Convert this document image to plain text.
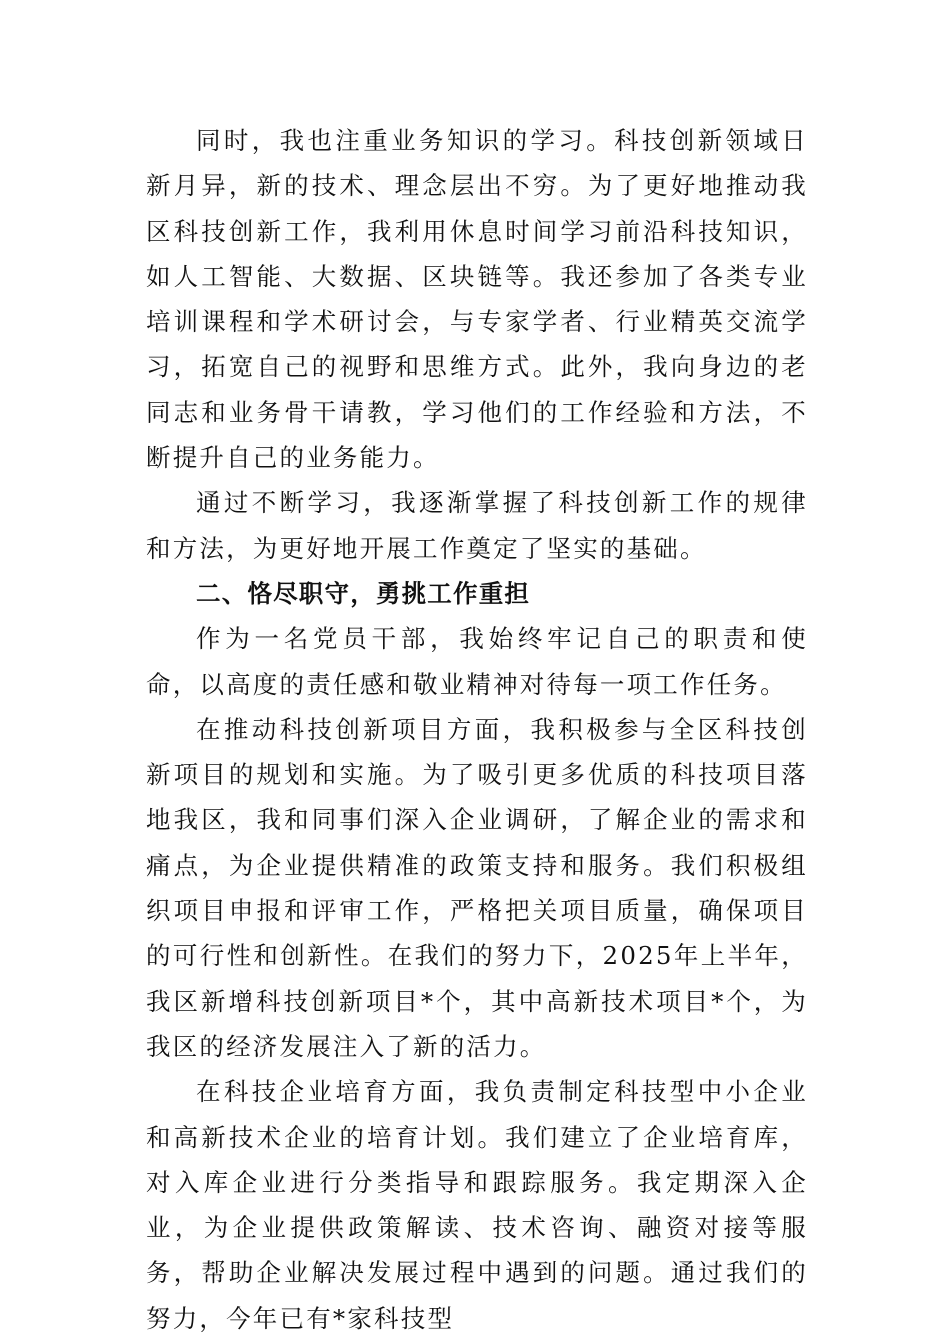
同时，我也注重业务知识的学习。科技创新领域日新月异，新的技术、理念层出不穷。为了更好地推动我区科技创新工作，我利用休息时间学习前沿科技知识，如人工智能、大数据、区块链等。我还参加了各类专业培训课程和学术研讨会，与专家学者、行业精英交流学习，拓宽自己的视野和思维方式。此外，我向身边的老同志和业务骨干请教，学习他们的工作经验和方法，不断提升自己的业务能力。

通过不断学习，我逐渐掌握了科技创新工作的规律和方法，为更好地开展工作奠定了坚实的基础。

二、恪尽职守，勇挑工作重担

作为一名党员干部，我始终牢记自己的职责和使命，以高度的责任感和敬业精神对待每一项工作任务。

在推动科技创新项目方面，我积极参与全区科技创新项目的规划和实施。为了吸引更多优质的科技项目落地我区，我和同事们深入企业调研，了解企业的需求和痛点，为企业提供精准的政策支持和服务。我们积极组织项目申报和评审工作，严格把关项目质量，确保项目的可行性和创新性。在我们的努力下，2025年上半年，我区新增科技创新项目*个，其中高新技术项目*个，为我区的经济发展注入了新的活力。

在科技企业培育方面，我负责制定科技型中小企业和高新技术企业的培育计划。我们建立了企业培育库，对入库企业进行分类指导和跟踪服务。我定期深入企业，为企业提供政策解读、技术咨询、融资对接等服务，帮助企业解决发展过程中遇到的问题。通过我们的努力，今年已有*家科技型
